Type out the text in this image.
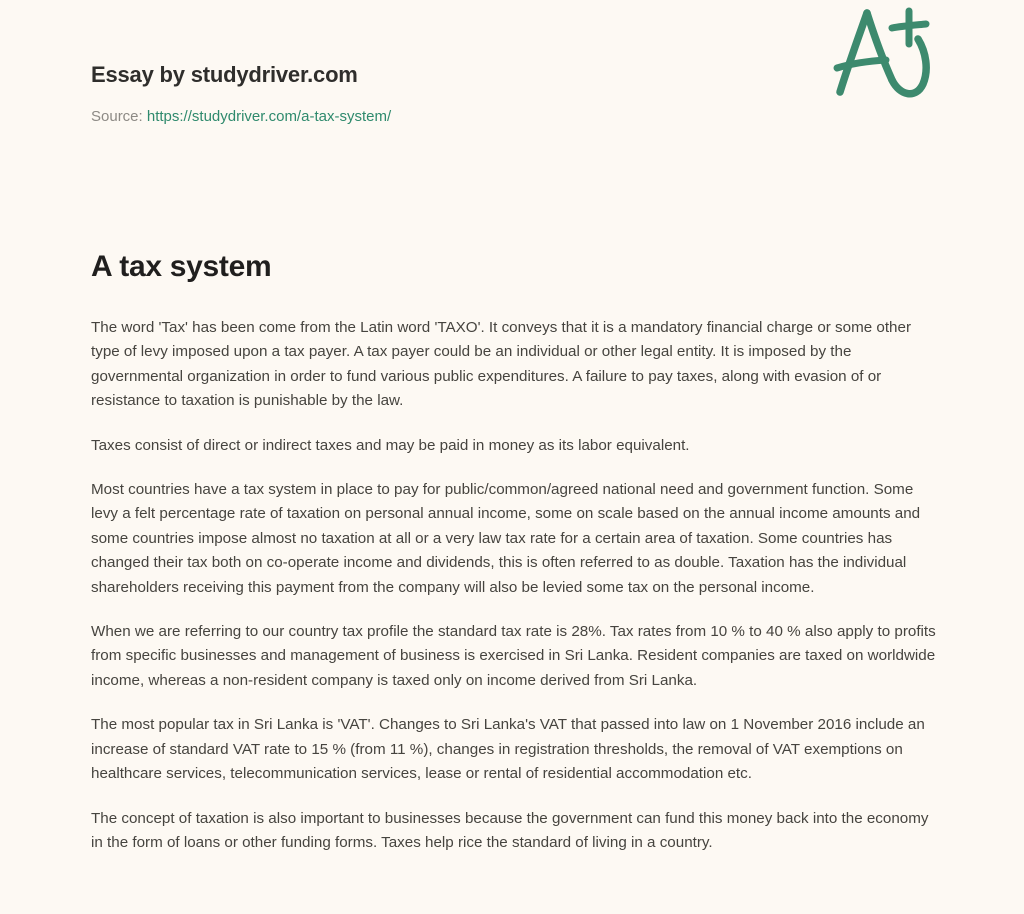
Essay by studydriver.com
Source: https://studydriver.com/a-tax-system/
A tax system

The word 'Tax' has been come from the Latin word 'TAXO'. It conveys that it is a mandatory financial charge or some other type of levy imposed upon a tax payer. A tax payer could be an individual or other legal entity. It is imposed by the governmental organization in order to fund various public expenditures. A failure to pay taxes, along with evasion of or resistance to taxation is punishable by the law.

Taxes consist of direct or indirect taxes and may be paid in money as its labor equivalent.

Most countries have a tax system in place to pay for public/common/agreed national need and government function. Some levy a felt percentage rate of taxation on personal annual income, some on scale based on the annual income amounts and some countries impose almost no taxation at all or a very law tax rate for a certain area of taxation. Some countries has changed their tax both on co-operate income and dividends, this is often referred to as double. Taxation has the individual shareholders receiving this payment from the company will also be levied some tax on the personal income.

When we are referring to our country tax profile the standard tax rate is 28%. Tax rates from 10 % to 40 % also apply to profits from specific businesses and management of business is exercised in Sri Lanka. Resident companies are taxed on worldwide income, whereas a non-resident company is taxed only on income derived from Sri Lanka.

The most popular tax in Sri Lanka is 'VAT'. Changes to Sri Lanka's VAT that passed into law on 1 November 2016 include an increase of standard VAT rate to 15 % (from 11 %), changes in registration thresholds, the removal of VAT exemptions on healthcare services, telecommunication services, lease or rental of residential accommodation etc.

The concept of taxation is also important to businesses because the government can fund this money back into the economy in the form of loans or other funding forms. Taxes help rice the standard of living in a country.
